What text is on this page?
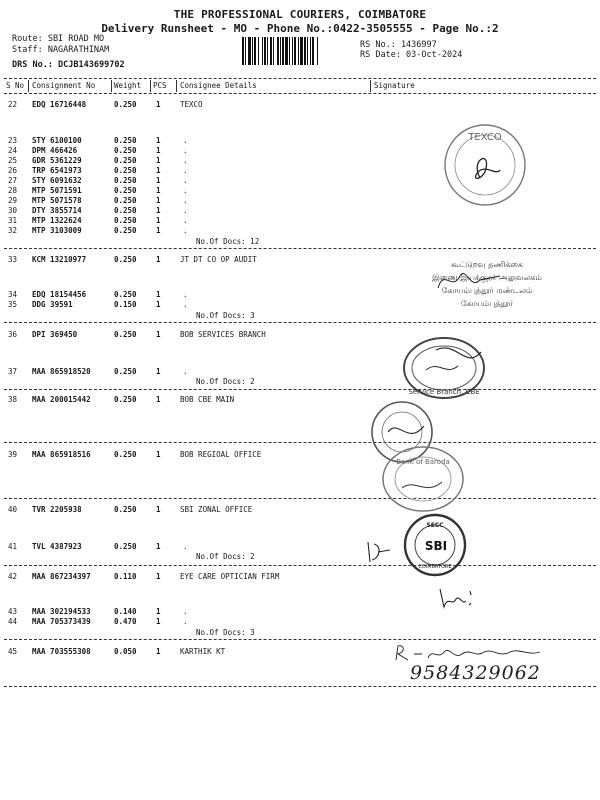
THE PROFESSIONAL COURIERS, COIMBATORE
Delivery Runsheet - MO - Phone No.:0422-3505555 - Page No.:2
Route: SBI ROAD MO
Staff: NAGARATHINAM
DRS No.: DCJB143699702
RS No.: 1436997
RS Date: 03-Oct-2024
S No Consignment No	Weight PCS Consignee Details	Signature
22 EDQ 16716448	0.250	1	TEXCO
23 STY 6100100	0.250	1	.
24 DPM 466426	0.250	1	.
25 GDR 5361229	0.250	1	.
26 TRP 6541973	0.250	1	.
27 STY 6091632	0.250	1	.
28 MTP 5071591	0.250	1	.
29 MTP 5071578	0.250	1	.
30 DTY 3855714	0.250	1	.
31 MTP 1322624	0.250	1	.
32 MTP 3103009	0.250	1	.
No.Of Docs: 12
33 KCM 13210977	0.250	1	JT DT CO OP AUDIT
34 EDQ 18154456	0.250	1	.
35 DDG 39591	0.150	1	.
No.Of Docs: 3
36 DPI 369450	0.250	1	BOB SERVICES BRANCH
37 MAA 865918520	0.250	1	.
No.Of Docs: 2
38 MAA 200015442	0.250	1	BOB CBE MAIN
39 MAA 865918516	0.250	1	BOB REGIOAL OFFICE
40 TVR 2205938	0.250	1	SBI ZONAL OFFICE
41 TVL 4387923	0.250	1	.
No.Of Docs: 2
42 MAA 867234397	0.110	1	EYE CARE OPTICIAN FIRM
43 MAA 302194533	0.140	1	.
44 MAA 705373439	0.470	1	.
No.Of Docs: 3
45 MAA 703555308	0.050	1	KARTHIK KT
TEXCO
கூட்டுறவு தணிக்கை
இணை இயக்குநர் அலுவலகம்
கோயம்புத்தூர் மண்டலம்
கோயம்புத்தூர்
Service Branch, CBE
Bank of Baroda
SECC
SBI
COIMBATORE
9584329062
